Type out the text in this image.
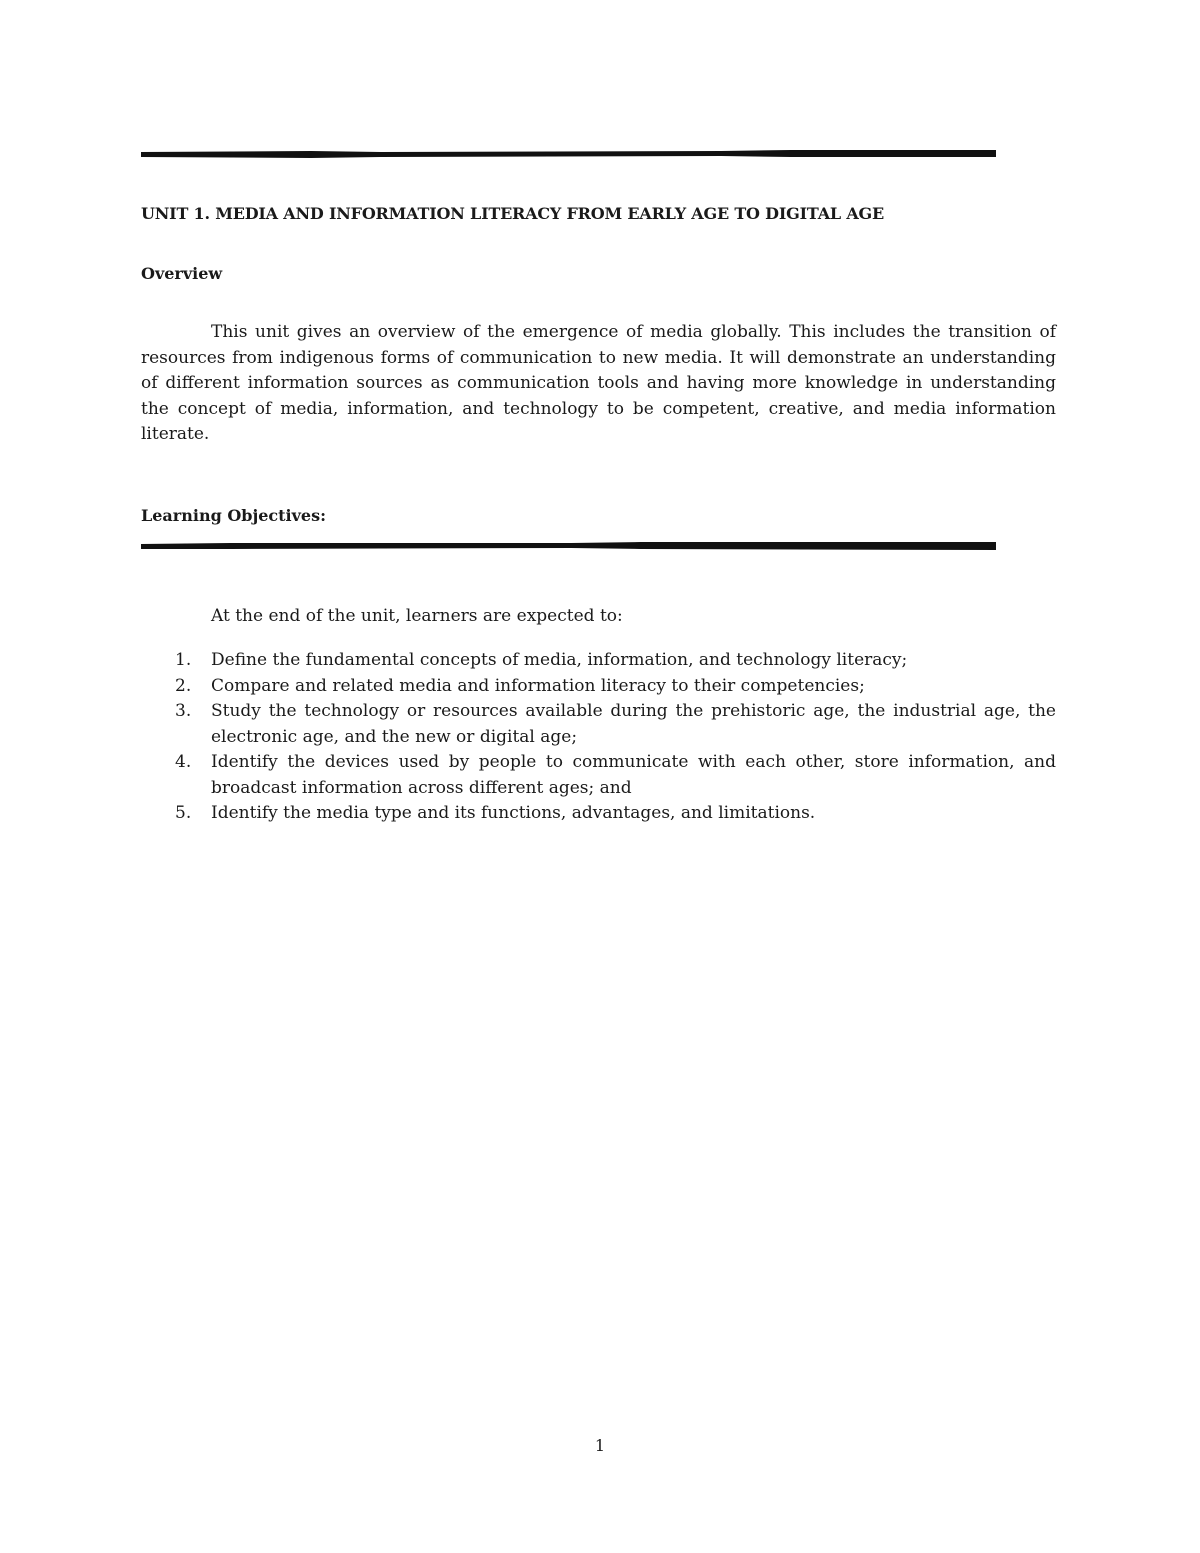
UNIT 1. MEDIA AND INFORMATION LITERACY FROM EARLY AGE TO DIGITAL AGE
Overview

This unit gives an overview of the emergence of media globally. This includes the transition of resources from indigenous forms of communication to new media. It will demonstrate an understanding of different information sources as communication tools and having more knowledge in understanding the concept of media, information, and technology to be competent, creative, and media information literate.

Learning Objectives:
At the end of the unit, learners are expected to:
1. Define the fundamental concepts of media, information, and technology literacy;
2. Compare and related media and information literacy to their competencies;
3. Study the technology or resources available during the prehistoric age, the industrial age, the electronic age, and the new or digital age;
4. Identify the devices used by people to communicate with each other, store information, and broadcast information across different ages; and
5. Identify the media type and its functions, advantages, and limitations.
1
